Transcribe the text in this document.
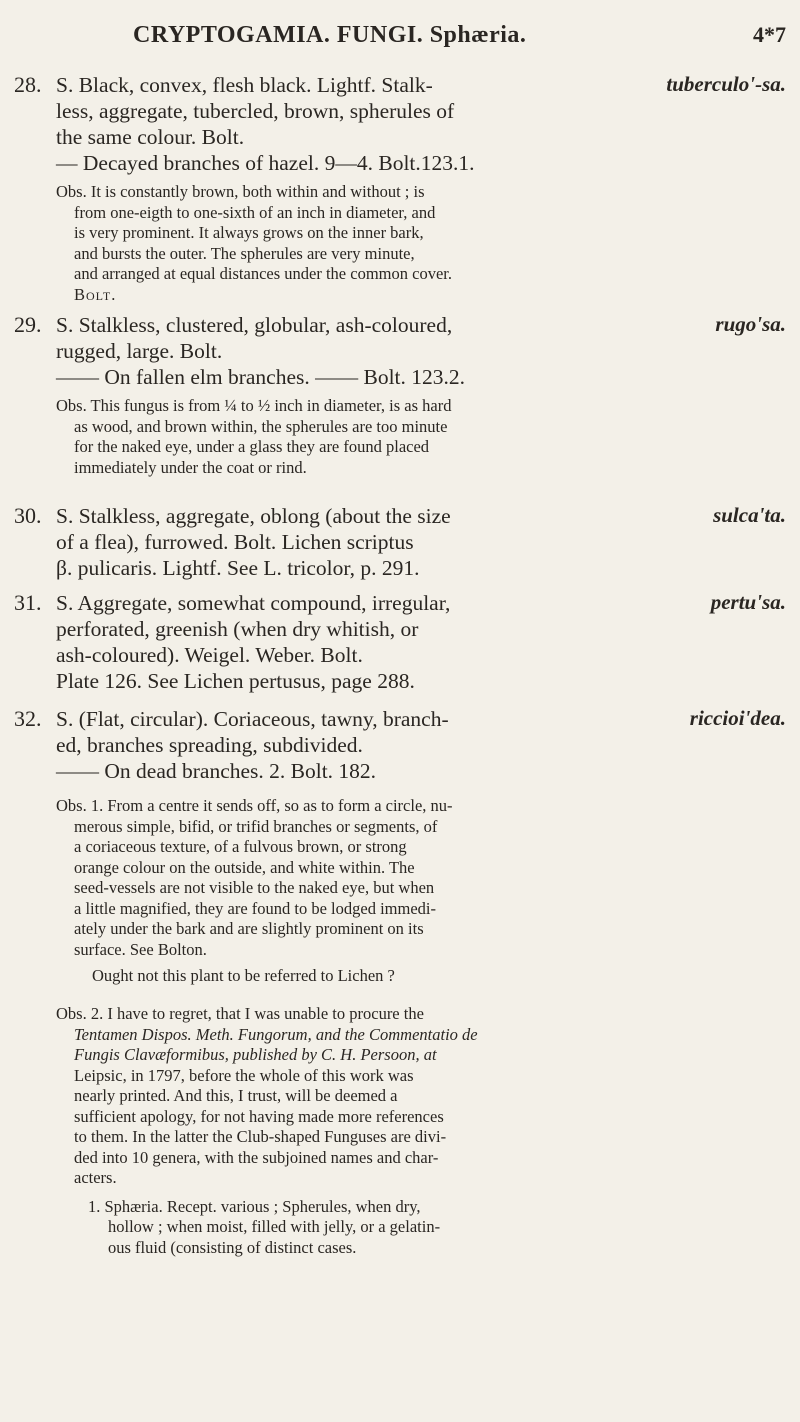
CRYPTOGAMIA. FUNGI. Sphæria.	4*7
28.	tuberculo'-sa.
S. Black, convex, flesh black. Lightf. Stalk-
less, aggregate, tubercled, brown, spherules of
the same colour. Bolt.
— Decayed branches of hazel. 9—4. Bolt.123.1.
Obs. It is constantly brown, both within and without ; is
from one-eigth to one-sixth of an inch in diameter, and
is very prominent. It always grows on the inner bark,
and bursts the outer. The spherules are very minute,
and arranged at equal distances under the common cover.
Bolt.
29.	rugo'sa.
S. Stalkless, clustered, globular, ash-coloured,
rugged, large. Bolt.
—— On fallen elm branches. —— Bolt. 123.2.
Obs. This fungus is from ¼ to ½ inch in diameter, is as hard
as wood, and brown within, the spherules are too minute
for the naked eye, under a glass they are found placed
immediately under the coat or rind.
30.	sulca'ta.
S. Stalkless, aggregate, oblong (about the size
of a flea), furrowed. Bolt. Lichen scriptus
β. pulicaris. Lightf. See L. tricolor, p. 291.
31.	pertu'sa.
S. Aggregate, somewhat compound, irregular,
perforated, greenish (when dry whitish, or
ash-coloured). Weigel. Weber. Bolt.
Plate 126. See Lichen pertusus, page 288.
32.	riccioi'dea.
S. (Flat, circular). Coriaceous, tawny, branch-
ed, branches spreading, subdivided.
—— On dead branches. 2. Bolt. 182.
Obs. 1. From a centre it sends off, so as to form a circle, nu-
merous simple, bifid, or trifid branches or segments, of
a coriaceous texture, of a fulvous brown, or strong
orange colour on the outside, and white within. The
seed-vessels are not visible to the naked eye, but when
a little magnified, they are found to be lodged immedi-
ately under the bark and are slightly prominent on its
surface. See Bolton.
Ought not this plant to be referred to Lichen ?
Obs. 2. I have to regret, that I was unable to procure the
Tentamen Dispos. Meth. Fungorum, and the Commentatio de
Fungis Clavæformibus, published by C. H. Persoon, at
Leipsic, in 1797, before the whole of this work was
nearly printed. And this, I trust, will be deemed a
sufficient apology, for not having made more references
to them. In the latter the Club-shaped Funguses are divi-
ded into 10 genera, with the subjoined names and char-
acters.
1. Sphæria. Recept. various ; Spherules, when dry,
hollow ; when moist, filled with jelly, or a gelatin-
ous fluid (consisting of distinct cases.
